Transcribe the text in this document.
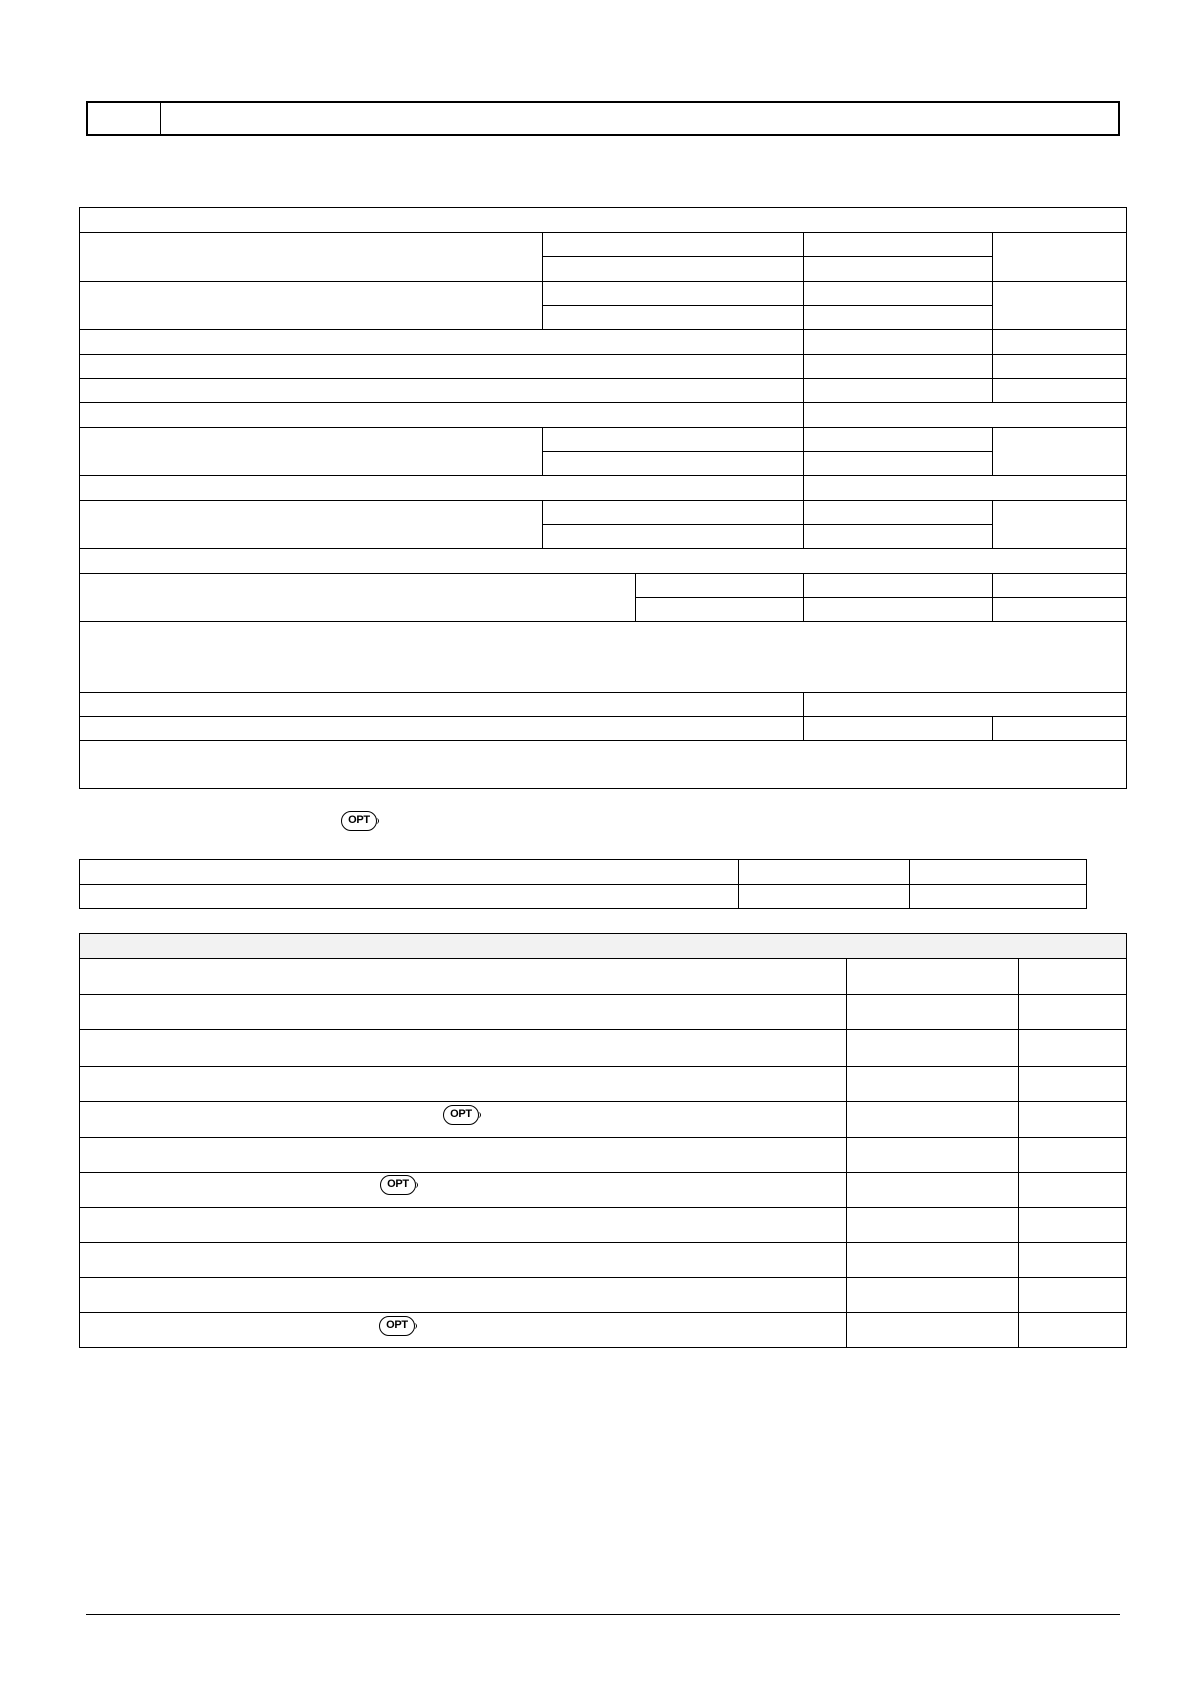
OPT
OPT
OPT
OPT
